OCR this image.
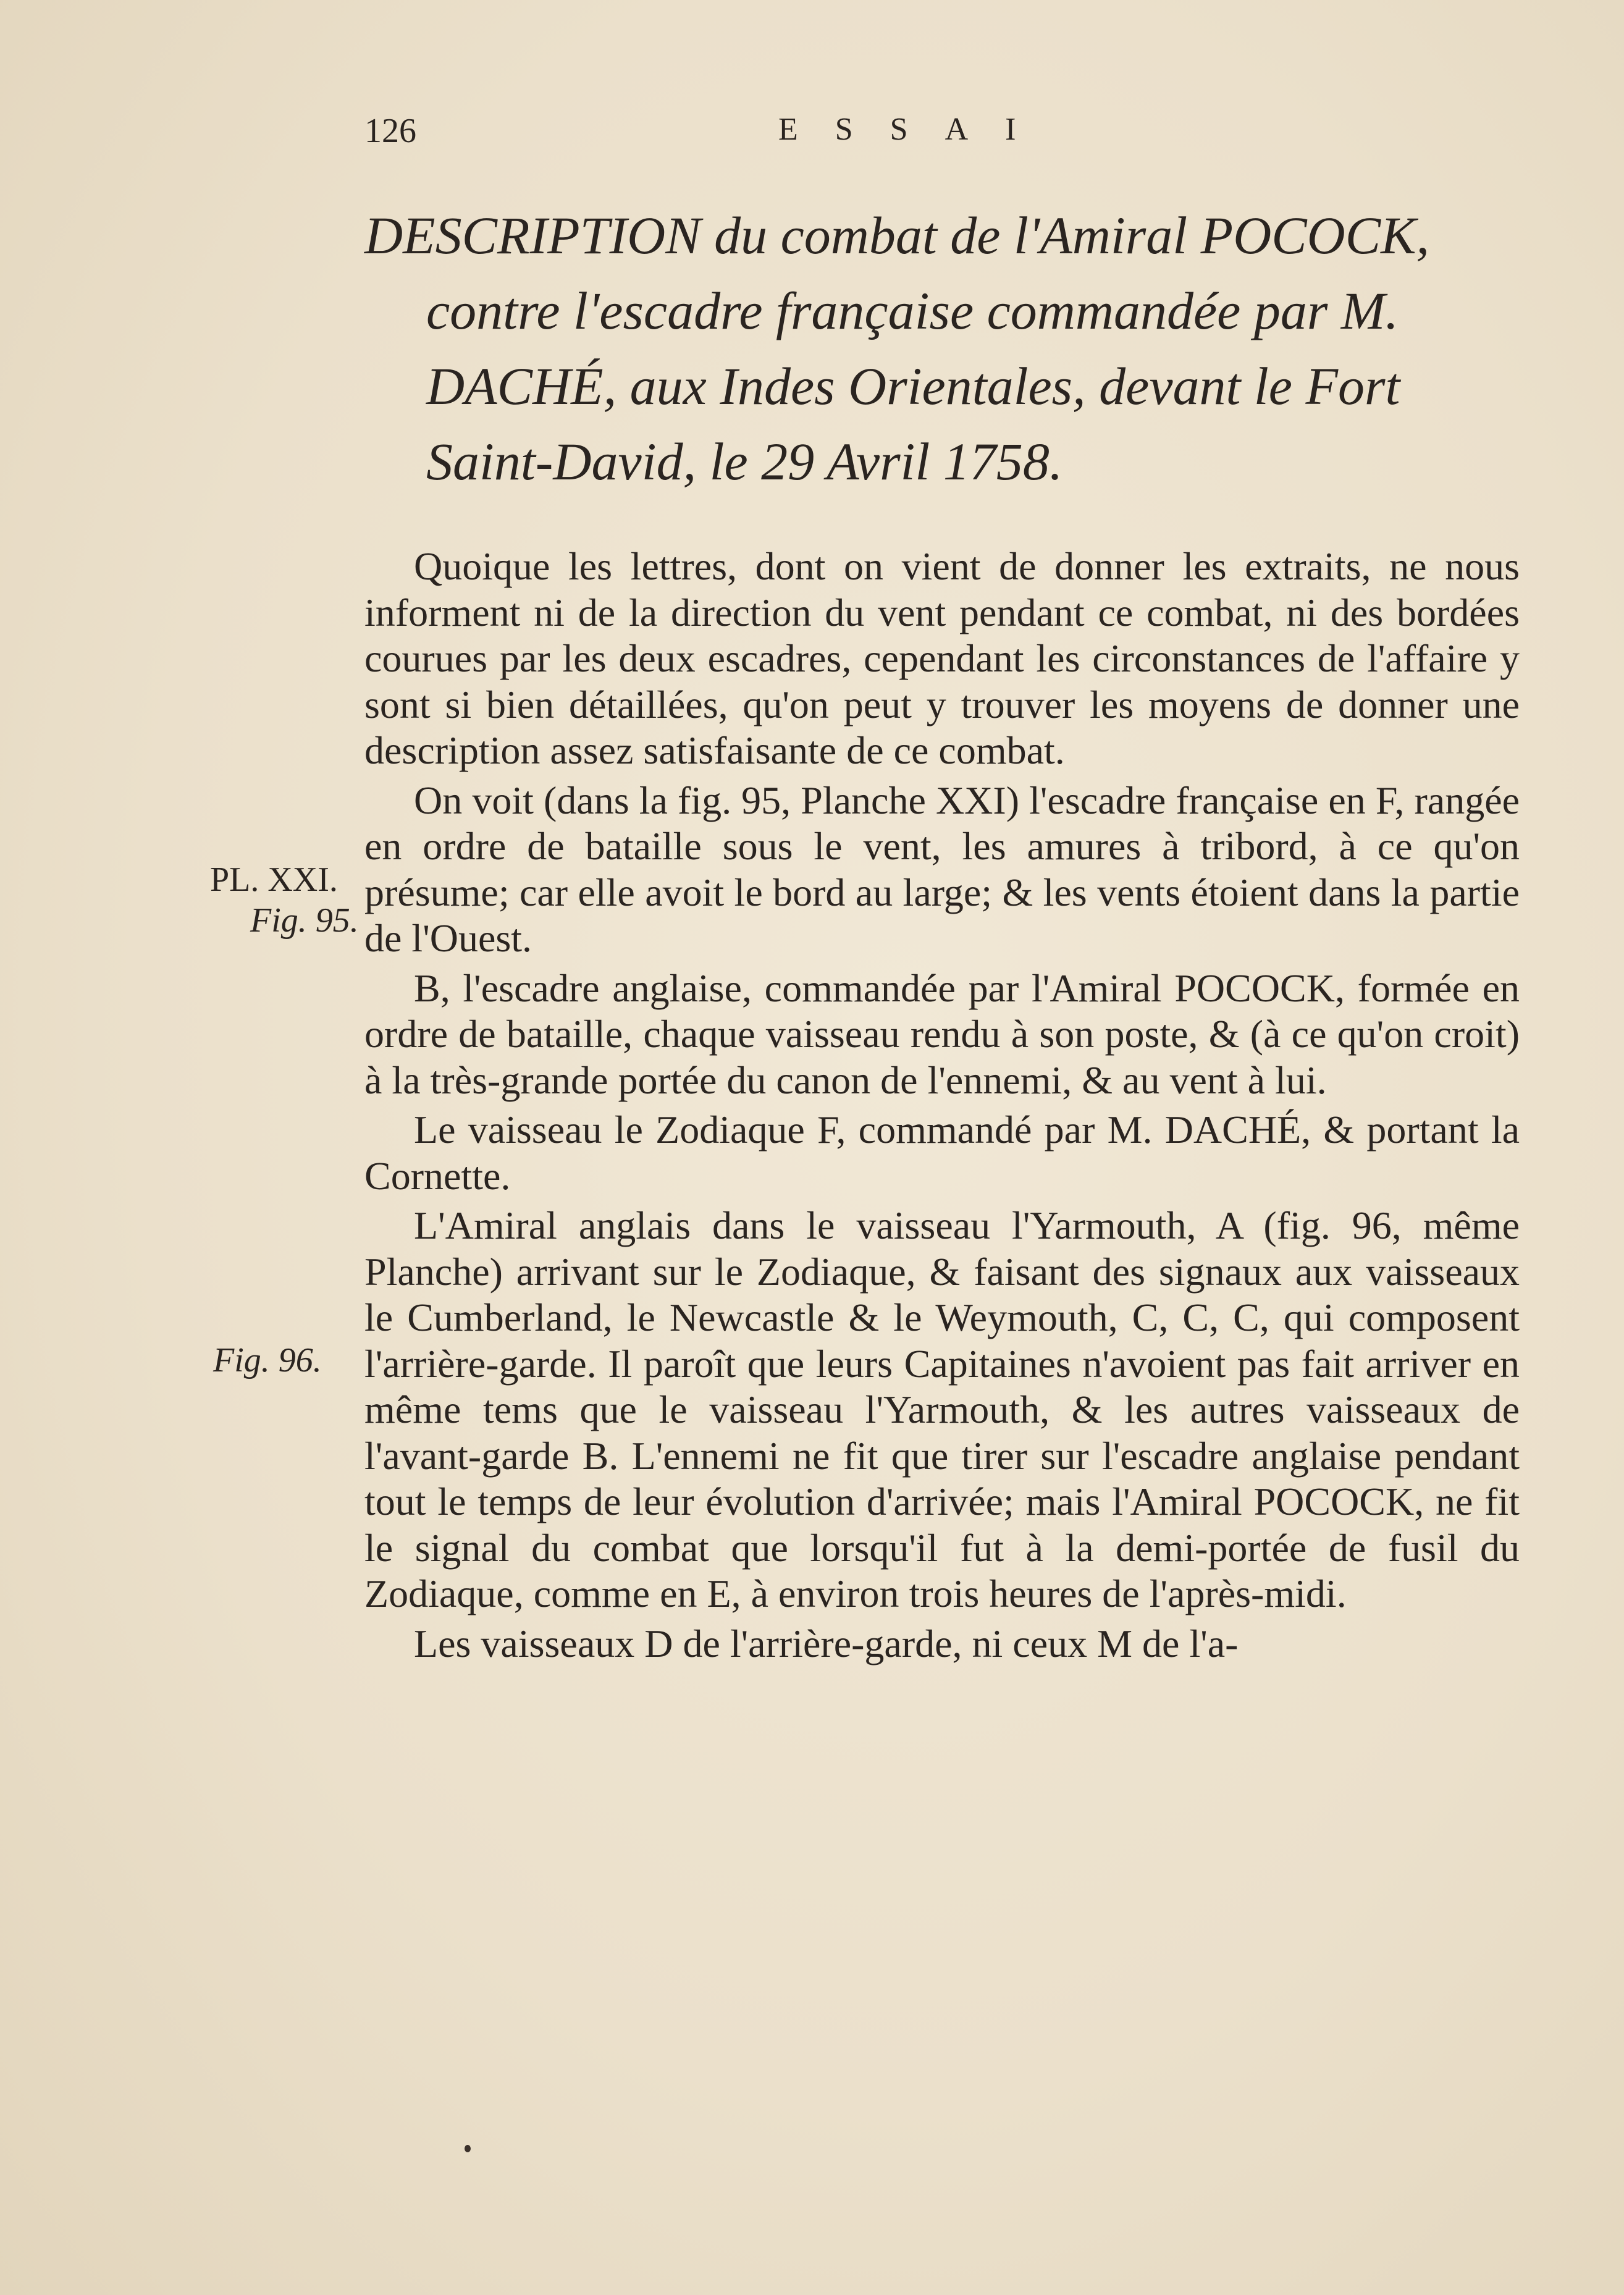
126	ESSAI
DESCRIPTION du combat de l'Amiral POCOCK,
contre l'escadre française commandée par M.
DACHÉ, aux Indes Orientales, devant le Fort
Saint-David, le 29 Avril 1758.
PL. XXI.
Fig. 95.
Fig. 96.

Quoique les lettres, dont on vient de donner les extraits, ne nous informent ni de la direction du vent pendant ce combat, ni des bordées courues par les deux escadres, cependant les circonstances de l'affaire y sont si bien détaillées, qu'on peut y trouver les moyens de donner une description assez satisfaisante de ce combat.

On voit (dans la fig. 95, Planche XXI) l'escadre française en F, rangée en ordre de bataille sous le vent, les amures à tribord, à ce qu'on présume; car elle avoit le bord au large; & les vents étoient dans la partie de l'Ouest.

B, l'escadre anglaise, commandée par l'Amiral POCOCK, formée en ordre de bataille, chaque vaisseau rendu à son poste, & (à ce qu'on croit) à la très-grande portée du canon de l'ennemi, & au vent à lui.

Le vaisseau le Zodiaque F, commandé par M. DACHÉ, & portant la Cornette.

L'Amiral anglais dans le vaisseau l'Yarmouth, A (fig. 96, même Planche) arrivant sur le Zodiaque, & faisant des signaux aux vaisseaux le Cumberland, le Newcastle & le Weymouth, C, C, C, qui composent l'arrière-garde. Il paroît que leurs Capitaines n'avoient pas fait arriver en même tems que le vaisseau l'Yarmouth, & les autres vaisseaux de l'avant-garde B. L'ennemi ne fit que tirer sur l'escadre anglaise pendant tout le temps de leur évolution d'arrivée; mais l'Amiral POCOCK, ne fit le signal du combat que lorsqu'il fut à la demi-portée de fusil du Zodiaque, comme en E, à environ trois heures de l'après-midi.

Les vaisseaux D de l'arrière-garde, ni ceux M de l'a-
